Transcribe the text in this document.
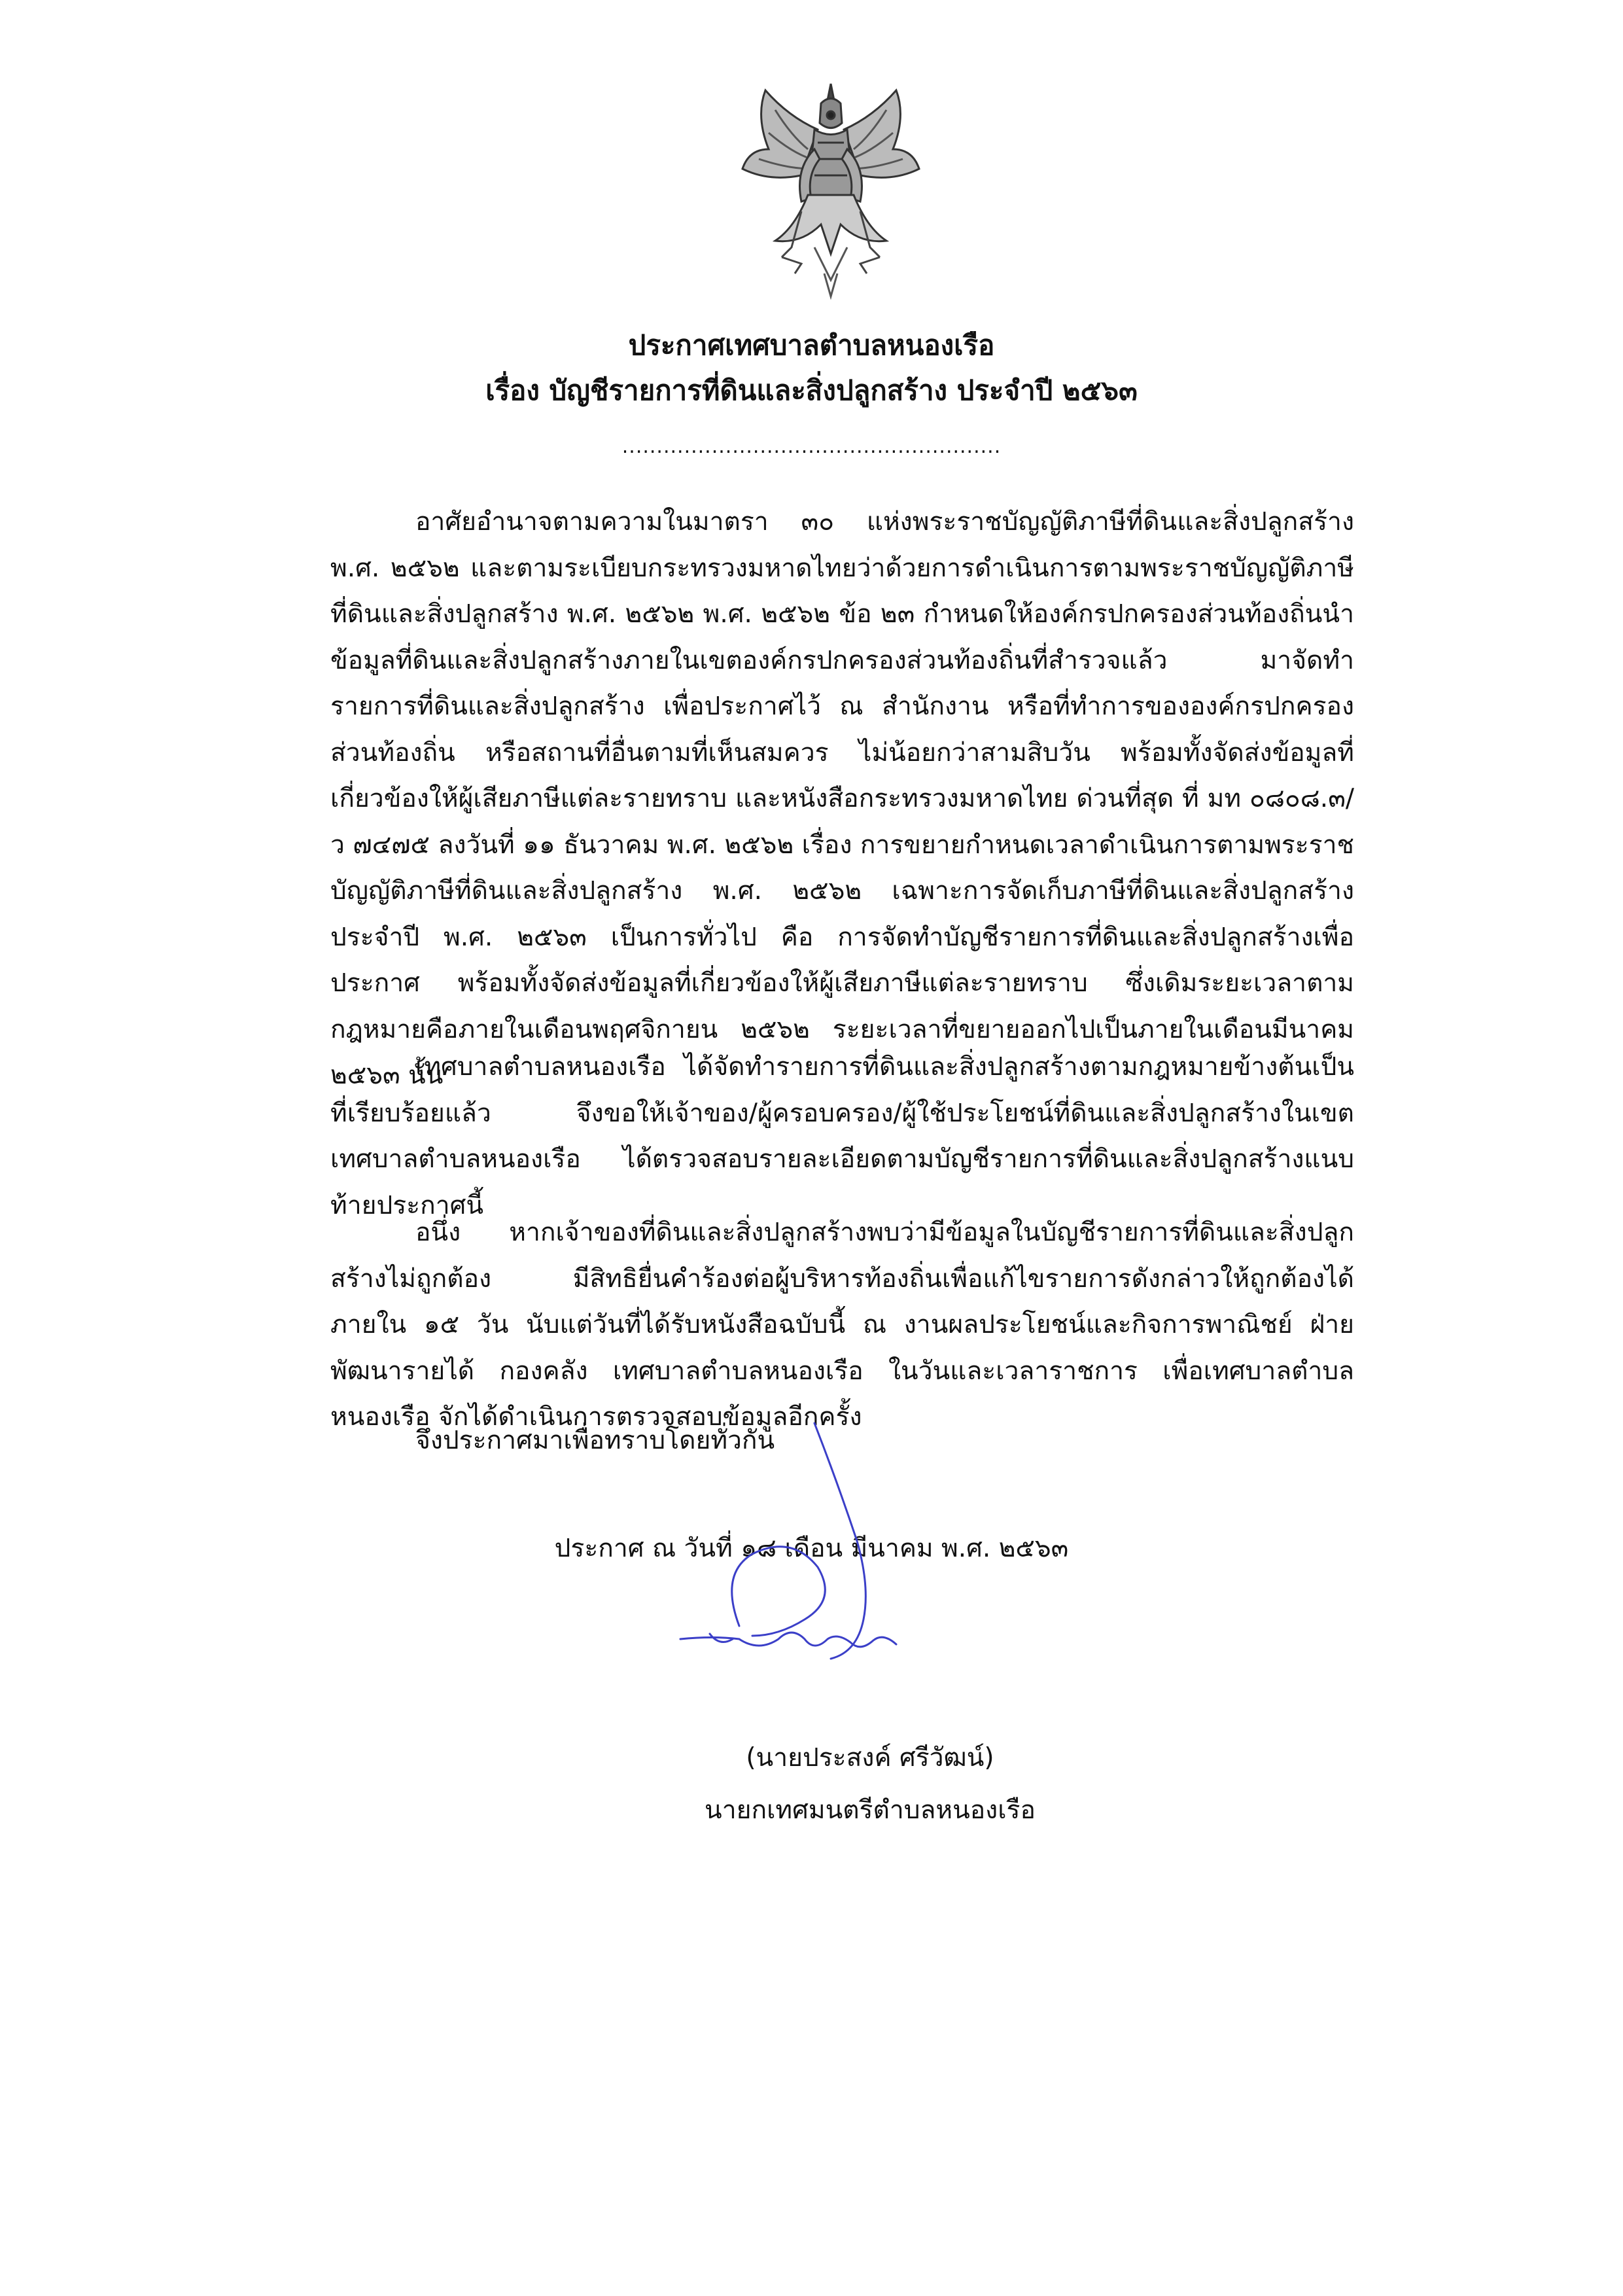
ประกาศเทศบาลตำบลหนองเรือ
เรื่อง บัญชีรายการที่ดินและสิ่งปลูกสร้าง ประจำปี ๒๕๖๓
.......................................................

อาศัยอำนาจตามความในมาตรา ๓๐ แห่งพระราชบัญญัติภาษีที่ดินและสิ่งปลูกสร้าง พ.ศ. ๒๕๖๒ และตามระเบียบกระทรวงมหาดไทยว่าด้วยการดำเนินการตามพระราชบัญญัติภาษีที่ดินและสิ่งปลูกสร้าง พ.ศ. ๒๕๖๒ พ.ศ. ๒๕๖๒ ข้อ ๒๓ กำหนดให้องค์กรปกครองส่วนท้องถิ่นนำข้อมูลที่ดินและสิ่งปลูกสร้างภายในเขตองค์กรปกครองส่วนท้องถิ่นที่สำรวจแล้ว มาจัดทำรายการที่ดินและสิ่งปลูกสร้าง เพื่อประกาศไว้ ณ สำนักงาน หรือที่ทำการขององค์กรปกครองส่วนท้องถิ่น หรือสถานที่อื่นตามที่เห็นสมควร ไม่น้อยกว่าสามสิบวัน พร้อมทั้งจัดส่งข้อมูลที่เกี่ยวข้องให้ผู้เสียภาษีแต่ละรายทราบ และหนังสือกระทรวงมหาดไทย ด่วนที่สุด ที่ มท ๐๘๐๘.๓/ว ๗๔๗๕ ลงวันที่ ๑๑ ธันวาคม พ.ศ. ๒๕๖๒ เรื่อง การขยายกำหนดเวลาดำเนินการตามพระราชบัญญัติภาษีที่ดินและสิ่งปลูกสร้าง พ.ศ. ๒๕๖๒ เฉพาะการจัดเก็บภาษีที่ดินและสิ่งปลูกสร้าง ประจำปี พ.ศ. ๒๕๖๓ เป็นการทั่วไป คือ การจัดทำบัญชีรายการที่ดินและสิ่งปลูกสร้างเพื่อประกาศ พร้อมทั้งจัดส่งข้อมูลที่เกี่ยวข้องให้ผู้เสียภาษีแต่ละรายทราบ ซึ่งเดิมระยะเวลาตามกฎหมายคือภายในเดือนพฤศจิกายน ๒๕๖๒ ระยะเวลาที่ขยายออกไปเป็นภายในเดือนมีนาคม ๒๕๖๓ นั้น

เทศบาลตำบลหนองเรือ ได้จัดทำรายการที่ดินและสิ่งปลูกสร้างตามกฎหมายข้างต้นเป็นที่เรียบร้อยแล้ว จึงขอให้เจ้าของ/ผู้ครอบครอง/ผู้ใช้ประโยชน์ที่ดินและสิ่งปลูกสร้างในเขตเทศบาลตำบลหนองเรือ ได้ตรวจสอบรายละเอียดตามบัญชีรายการที่ดินและสิ่งปลูกสร้างแนบท้ายประกาศนี้

อนึ่ง หากเจ้าของที่ดินและสิ่งปลูกสร้างพบว่ามีข้อมูลในบัญชีรายการที่ดินและสิ่งปลูกสร้างไม่ถูกต้อง มีสิทธิยื่นคำร้องต่อผู้บริหารท้องถิ่นเพื่อแก้ไขรายการดังกล่าวให้ถูกต้องได้ ภายใน ๑๕ วัน นับแต่วันที่ได้รับหนังสือฉบับนี้ ณ งานผลประโยชน์และกิจการพาณิชย์ ฝ่ายพัฒนารายได้ กองคลัง เทศบาลตำบลหนองเรือ ในวันและเวลาราชการ เพื่อเทศบาลตำบลหนองเรือ จักได้ดำเนินการตรวจสอบข้อมูลอีกครั้ง

จึงประกาศมาเพื่อทราบโดยทั่วกัน
ประกาศ ณ วันที่ ๑๘ เดือน มีนาคม พ.ศ. ๒๕๖๓
(นายประสงค์ ศรีวัฒน์)
นายกเทศมนตรีตำบลหนองเรือ
